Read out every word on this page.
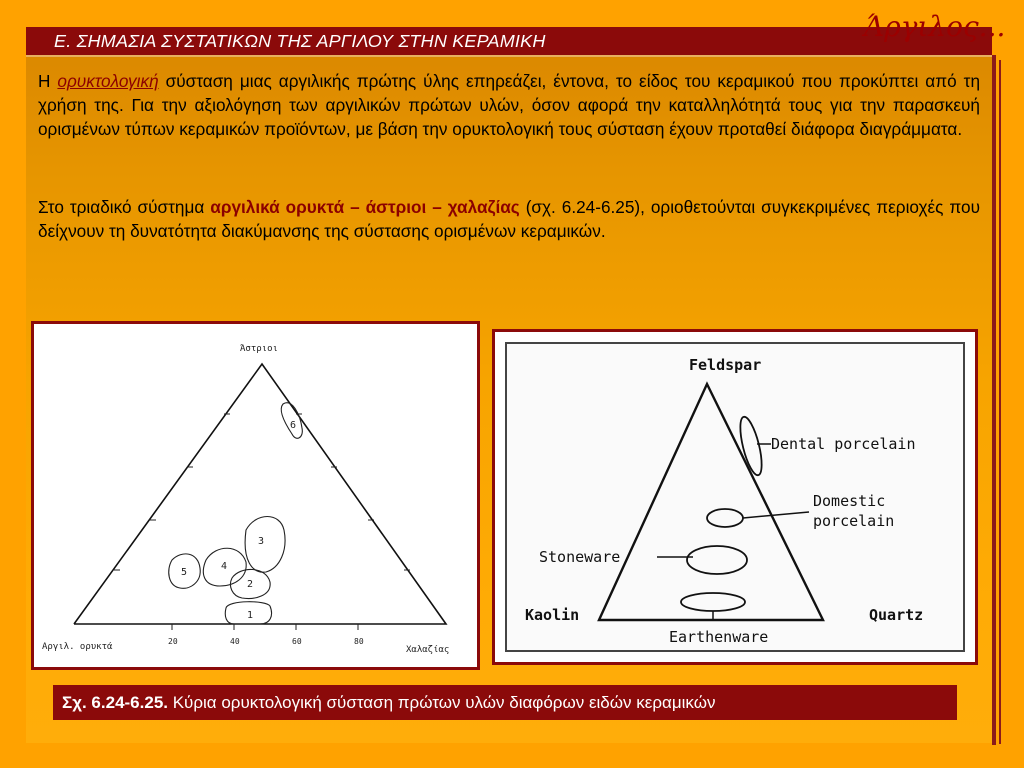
Ε. ΣΗΜΑΣΙΑ ΣΥΣΤΑΤΙΚΩΝ ΤΗΣ ΑΡΓΙΛΟΥ ΣΤΗΝ ΚΕΡΑΜΙΚΗ	Άργιλος...
Η ορυκτολογική σύσταση μιας αργιλικής πρώτης ύλης επηρεάζει, έντονα, το είδος του κεραμικού που προκύπτει από τη χρήση της. Για την αξιολόγηση των αργιλικών πρώτων υλών, όσον αφορά την καταλληλότητά τους για την παρασκευή ορισμένων τύπων κεραμικών προϊόντων, με βάση την ορυκτολογική τους σύσταση έχουν προταθεί διάφορα διαγράμματα.
Στο τριαδικό σύστημα αργιλικά ορυκτά – άστριοι – χαλαζίας (σχ. 6.24-6.25), οριοθετούνται συγκεκριμένες περιοχές που δείχνουν τη δυνατότητα διακύμανσης της σύστασης ορισμένων κεραμικών.
Άστριοι
20	40	60	80
Αργιλ. ορυκτά	Χαλαζίας
6
3
4
5
2
1
Feldspar
Dental porcelain
Domestic
porcelain
Stoneware
Earthenware
Kaolin	Quartz
Σχ. 6.24-6.25. Κύρια ορυκτολογική σύσταση πρώτων υλών διαφόρων ειδών κεραμικών
